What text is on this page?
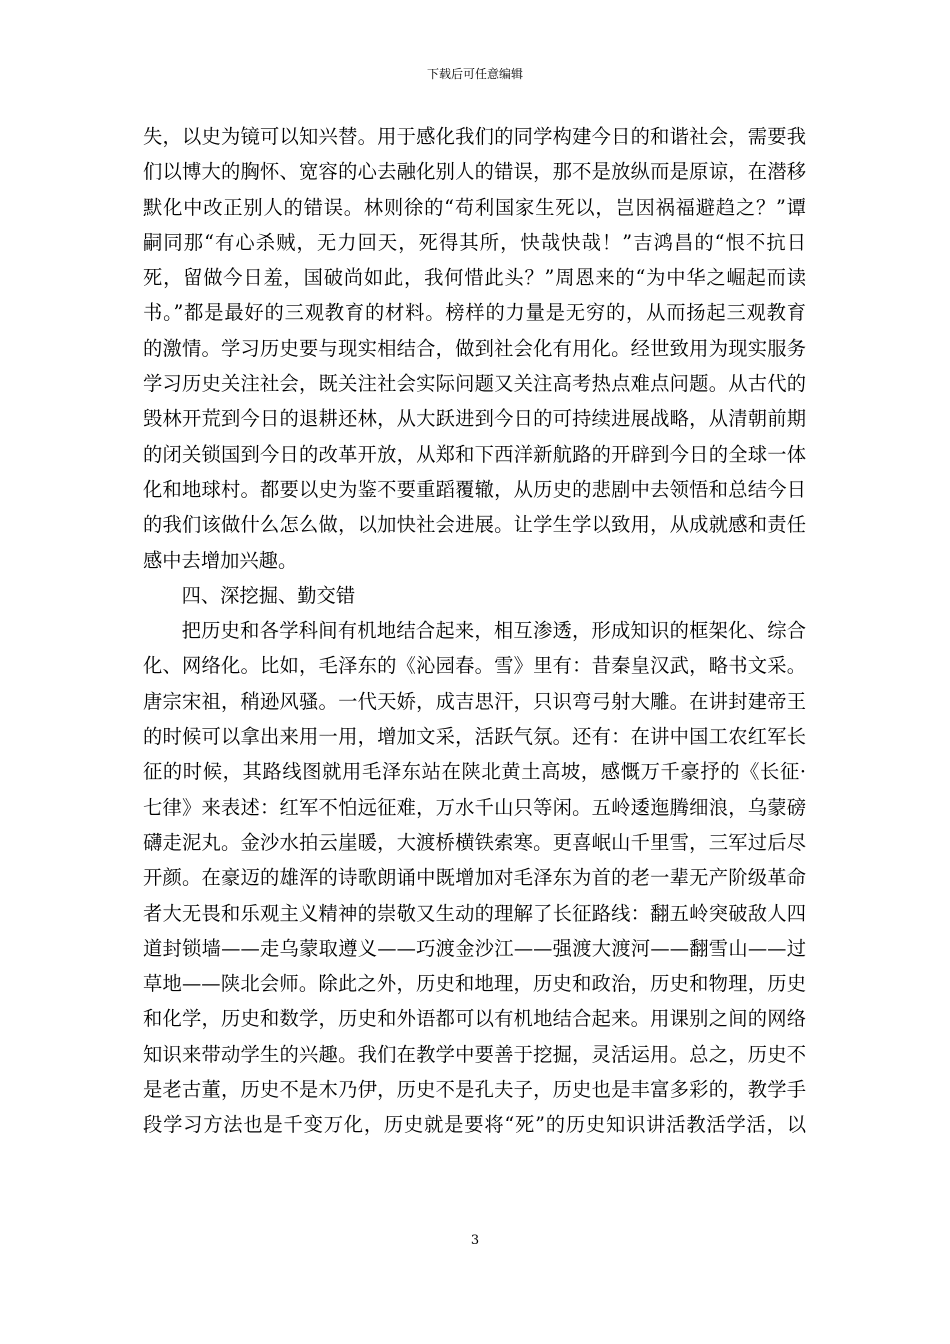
下载后可任意编辑
失，以史为镜可以知兴替。用于感化我们的同学构建今日的和谐社会，需要我
们以博大的胸怀、宽容的心去融化别人的错误，那不是放纵而是原谅，在潜移
默化中改正别人的错误。林则徐的“苟利国家生死以，岂因祸福避趋之？”谭
嗣同那“有心杀贼，无力回天，死得其所，快哉快哉！”吉鸿昌的“恨不抗日
死，留做今日羞，国破尚如此，我何惜此头？”周恩来的“为中华之崛起而读
书。”都是最好的三观教育的材料。榜样的力量是无穷的，从而扬起三观教育
的激情。学习历史要与现实相结合，做到社会化有用化。经世致用为现实服务
学习历史关注社会，既关注社会实际问题又关注高考热点难点问题。从古代的
毁林开荒到今日的退耕还林，从大跃进到今日的可持续进展战略，从清朝前期
的闭关锁国到今日的改革开放，从郑和下西洋新航路的开辟到今日的全球一体
化和地球村。都要以史为鉴不要重蹈覆辙，从历史的悲剧中去领悟和总结今日
的我们该做什么怎么做，以加快社会进展。让学生学以致用，从成就感和责任
感中去增加兴趣。
四、深挖掘、勤交错
把历史和各学科间有机地结合起来，相互渗透，形成知识的框架化、综合
化、网络化。比如，毛泽东的《沁园春。雪》里有：昔秦皇汉武，略书文采。
唐宗宋祖，稍逊风骚。一代天娇，成吉思汗，只识弯弓射大雕。在讲封建帝王
的时候可以拿出来用一用，增加文采，活跃气氛。还有：在讲中国工农红军长
征的时候，其路线图就用毛泽东站在陕北黄土高坡，感慨万千豪抒的《长征·
七律》来表述：红军不怕远征难，万水千山只等闲。五岭逶迤腾细浪，乌蒙磅
礴走泥丸。金沙水拍云崖暖，大渡桥横铁索寒。更喜岷山千里雪，三军过后尽
开颜。在豪迈的雄浑的诗歌朗诵中既增加对毛泽东为首的老一辈无产阶级革命
者大无畏和乐观主义精神的崇敬又生动的理解了长征路线：翻五岭突破敌人四
道封锁墙——走乌蒙取遵义——巧渡金沙江——强渡大渡河——翻雪山——过
草地——陕北会师。除此之外，历史和地理，历史和政治，历史和物理，历史
和化学，历史和数学，历史和外语都可以有机地结合起来。用课别之间的网络
知识来带动学生的兴趣。我们在教学中要善于挖掘，灵活运用。总之，历史不
是老古董，历史不是木乃伊，历史不是孔夫子，历史也是丰富多彩的，教学手
段学习方法也是千变万化，历史就是要将“死”的历史知识讲活教活学活，以
3
